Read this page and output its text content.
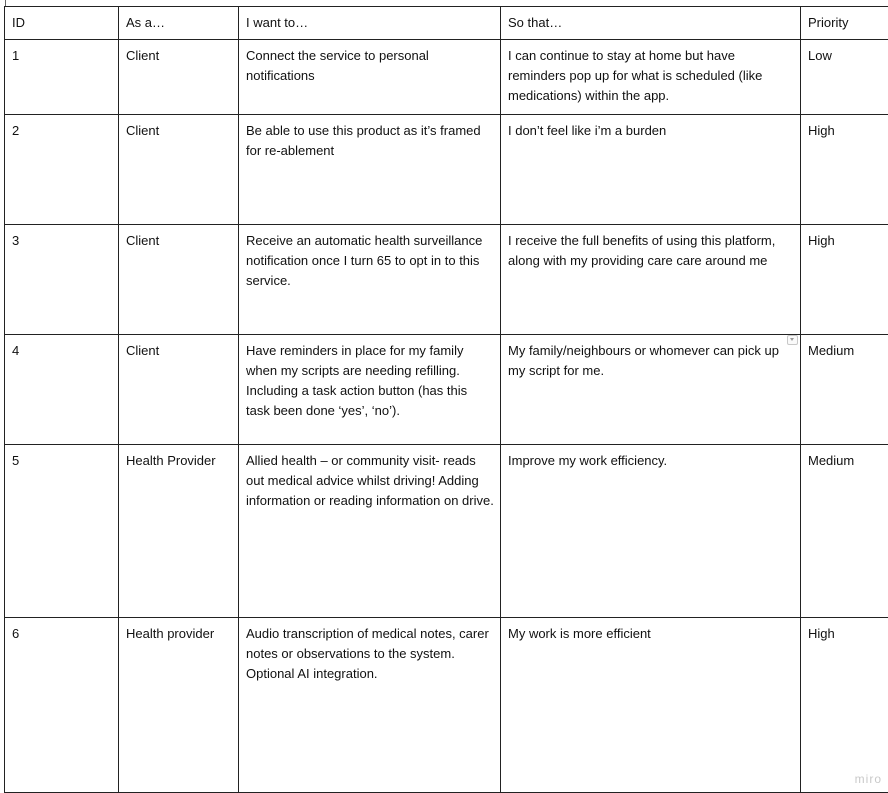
ID	As a…	I want to…	So that…	Priority
1	Client	Connect the service to personal notifications	I can continue to stay at home but have reminders pop up for what is scheduled (like medications) within the app.	Low
2	Client	Be able to use this product as it’s framed for re-ablement	I don’t feel like i’m a burden	High
3	Client	Receive an automatic health surveillance notification once I turn 65 to opt in to this service.	I receive the full benefits of using this platform, along with my providing care care around me	High
4	Client	Have reminders in place for my family when my scripts are needing refilling. Including a task action button (has this task been done ‘yes’, ‘no’).	My family/neighbours or whomever can pick up my script for me.	Medium
5	Health Provider	Allied health – or community visit- reads out medical advice whilst driving! Adding information or reading information on drive.	Improve my work efficiency.	Medium
6	Health provider	Audio transcription of medical notes, carer notes or observations to the system. Optional AI integration.	My work is more efficient	High
miro
